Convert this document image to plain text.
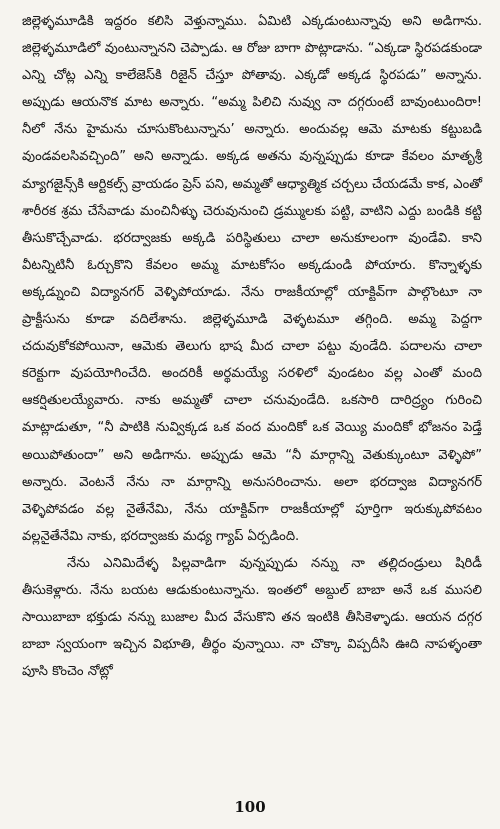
జిల్లెళ్ళమూడికి ఇద్దరం కలిసి వెళ్తున్నాము. ఏమిటి ఎక్కడుంటున్నావు అని అడిగాను. జిల్లెళ్ళమూడిలో వుంటున్నానని చెప్పాడు. ఆ రోజు బాగా పొట్లాడాను. “ఎక్కడా స్థిరపడకుండా ఎన్ని చోట్ల ఎన్ని కాలేజెస్‌కి రిజైన్ చేస్తూ పోతావు. ఎక్కడో అక్కడ స్థిరపడు” అన్నాను. అప్పుడు ఆయనొక మాట అన్నారు. “అమ్మ పిలిచి నువ్వు నా దగ్గరుంటే బావుంటుందిరా! నీలో నేను హైమను చూసుకొంటున్నాను’ అన్నారు. అందువల్ల ఆమె మాటకు కట్టుబడి వుండవలసివచ్చింది” అని అన్నాడు. అక్కడ అతను వున్నప్పుడు కూడా కేవలం మాతృశ్రీ మ్యాగజైన్స్‌కి ఆర్టికల్స్ వ్రాయడం ప్రెస్ పని, అమ్మతో ఆధ్యాత్మిక చర్చలు చేయడమే కాక, ఎంతో శారీరక శ్రమ చేసేవాడు మంచినీళ్ళు చెరువునుంచి డ్రమ్ములకు పట్టి, వాటిని ఎద్దు బండికి కట్టి తీసుకొచ్చేవాడు. భరద్వాజకు అక్కడి పరిస్థితులు చాలా అనుకూలంగా వుండేవి. కాని వీటన్నిటినీ ఓర్చుకొని కేవలం అమ్మ మాటకోసం అక్కడుండి పోయారు. కొన్నాళ్ళకు అక్కడ్నుంచి విద్యానగర్ వెళ్ళిపోయాడు. నేను రాజకీయాల్లో యాక్టివ్‌గా పాల్గొంటూ నా ప్రాక్టీసును కూడా వదిలేశాను. జిల్లెళ్ళమూడి వెళ్ళటమూ తగ్గింది. అమ్మ పెద్దగా చదువుకోకపోయినా, ఆమెకు తెలుగు భాష మీద చాలా పట్టు వుండేది. పదాలను చాలా కరెక్టుగా వుపయోగించేది. అందరికీ అర్థమయ్యే సరళిలో వుండటం వల్ల ఎంతో మంది ఆకర్షితులయ్యేవారు. నాకు అమ్మతో చాలా చనువుండేది. ఒకసారి దారిద్ర్యం గురించి మాట్లాడుతూ, “నీ పాటికి నువ్విక్కడ ఒక వంద మందికో ఒక వెయ్యి మందికో భోజనం పెడ్తే అయిపోతుందా” అని అడిగాను. అప్పుడు ఆమె “నీ మార్గాన్ని వెతుక్కుంటూ వెళ్ళిపో” అన్నారు. వెంటనే నేను నా మార్గాన్ని అనుసరించాను. అలా భరద్వాజ విద్యానగర్ వెళ్ళిపోవడం వల్ల నైతేనేమి, నేను యాక్టివ్‌గా రాజకీయాల్లో పూర్తిగా ఇరుక్కుపోవటం వల్లనైతేనేమి నాకు, భరద్వాజకు మధ్య గ్యాప్ ఏర్పడింది.

నేను ఎనిమిదేళ్ళ పిల్లవాడిగా వున్నప్పుడు నన్ను నా తల్లిదండ్రులు షిరిడీ తీసుకెళ్లారు. నేను బయట ఆడుకుంటున్నాను. ఇంతలో అబ్దుల్ బాబా అనే ఒక ముసలి సాయిబాబా భక్తుడు నన్ను బుజాల మీద వేసుకొని తన ఇంటికి తీసికెళ్ళాడు. ఆయన దగ్గర బాబా స్వయంగా ఇచ్చిన విభూతి, తీర్థం వున్నాయి. నా చొక్కా విప్పదీసి ఊది నాపళ్ళంతా పూసి కొంచెం నోట్లో

100
